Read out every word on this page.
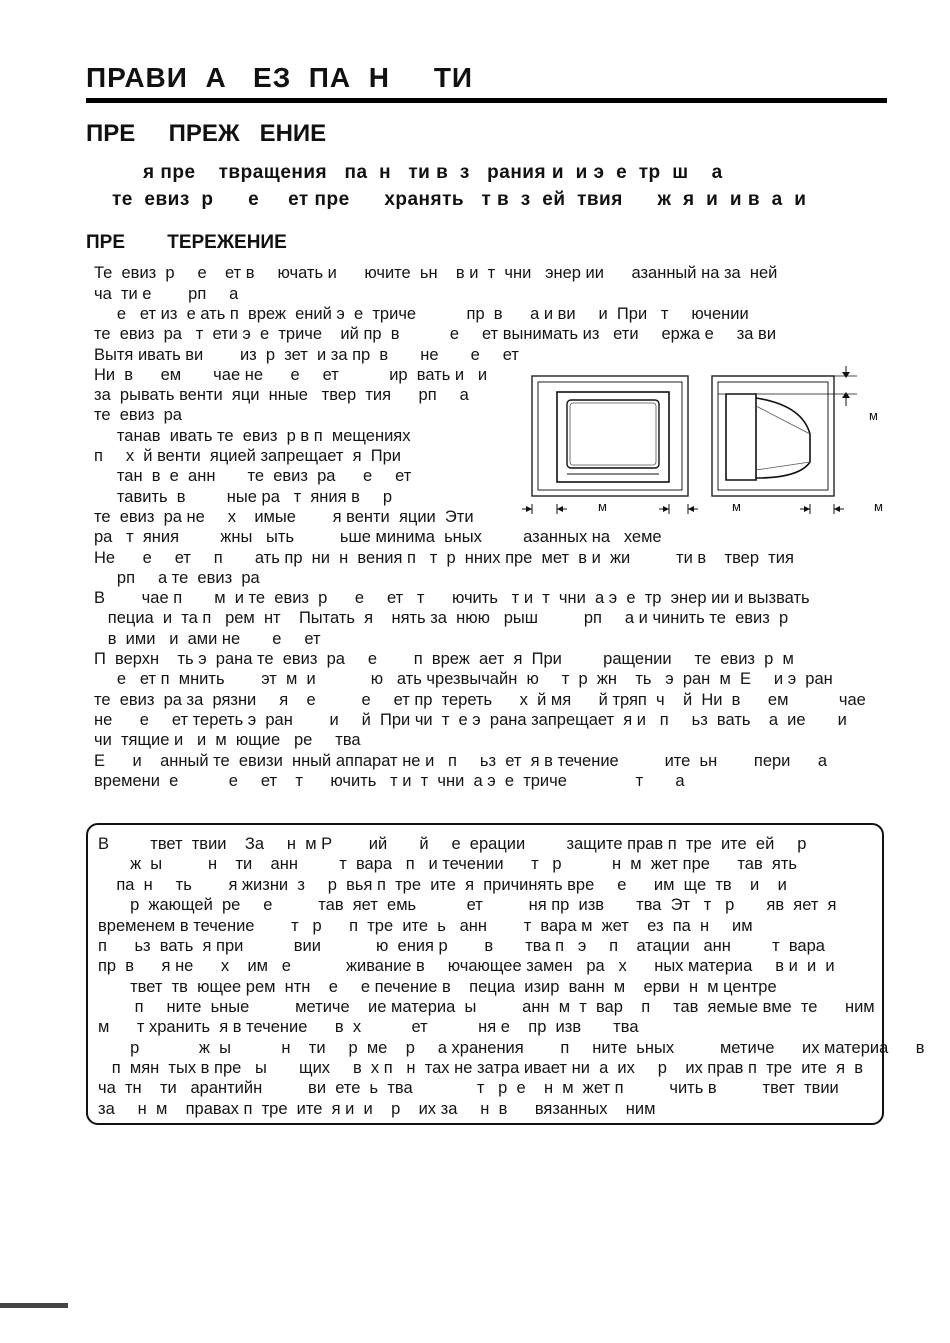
ПРАВИ  А   ЕЗ  ПА  Н     ТИ
ПРЕ     ПРЕЖ   ЕНИЕ
я пре    твращения   па  н   ти в  з   рания и  и э  е  тр  ш    а
те  евиз  р      е     ет пре      хранять   т в  з  ей  твия      ж  я  и  и в  а  и
ПРЕ        ТЕРЕЖЕНИЕ
Те  евиз  р     е    ет в     ючать и      ючите  ьн    в и  т  чни   энер ии      азанный на за  ней
ча  ти е        рп     а
е   ет из  е ать п  вреж  ений э  е  триче           пр  в      а и ви     и  При   т     ючении
те  евиз  ра   т  ети э  е  триче    ий пр  в           е     ет вынимать из   ети     ержа е     за ви
Вытя ивать ви        из  р  зет  и за пр  в       не       е     ет
Ни  в      ем       чае не      е     ет           ир  вать и   и
за  рывать венти  яци  нные   твер  тия      рп     а
те  евиз  ра
танав  ивать те  евиз  р в п  мещениях
п     х  й венти  яцией запрещает  я  При
тан  в  е  анн       те  евиз  ра      е     ет
тавить  в         ные ра   т  яния в     р
те  евиз  ра не     х    имые        я венти  яции  Эти
ра   т  яния         жны   ыть          ьше минима  ьных         азанных на   хеме
Не      е     ет     п       ать пр  ни  н  вения п   т  р  нних пре  мет  в и  жи          ти в    твер  тия
рп     а те  евиз  ра
В        чае п       м  и те  евиз  р      е     ет   т      ючить   т и  т  чни  а э  е  тр  энер ии и вызвать
пециа  и  та п   рем  нт    Пытать  я    нять за  нюю   рыш          рп     а и чинить те  евиз  р
в  ими   и  ами не       е     ет
П  верхн    ть э  рана те  евиз  ра     е        п  вреж  ает  я  При         ращении     те  евиз  р  м
е   ет п  мнить        эт  м  и            ю   ать чрезвычайн  ю     т  р  жн    ть   э  ран  м  Е     и э  ран
те  евиз  ра за  рязни     я    е          е     ет пр  тереть      х  й мя      й тряп  ч    й  Ни  в      ем           чае
не      е     ет тереть э  ран        и     й  При чи  т  е э  рана запрещает  я и   п     ьз  вать    а  ие       и
чи  тящие и   и  м  ющие   ре     тва
Е      и    анный те  евизи  нный аппарат не и   п     ьз  ет  я в течение          ите  ьн        пери      а
времени  е           е     ет    т      ючить   т и  т  чни  а э  е  триче               т       а
м
м	м	м
В         твет  твии    За     н  м Р        ий       й     е  ерации         защите прав п  тре  ите  ей     р
ж  ы          н    ти    анн         т  вара   п   и течении      т   р           н  м  жет пре      тав  ять
па  н     ть        я жизни  з     р  вья п  тре  ите  я  причинять вре     е      им  ще  тв    и    и
р  жающей  ре     е          тав  яет  емь           ет          ня пр  изв       тва  Эт   т   р       яв  яет  я
временем в течение        т   р      п  тре  ите  ь   анн        т  вара м  жет    ез  па  н     им
п      ьз  вать  я при           вии            ю  ения р        в       тва п   э     п    атации   анн         т  вара
пр  в      я не      х    им   е            живание в     ючающее замен   ра   х      ных материа     в и  и  и
твет  тв  ющее рем  нтн    е     е печение в    пециа  изир  ванн  м    ерви  н  м центре
п     ните  ьные          метиче    ие материа  ы          анн  м  т  вар    п     тав  яемые вме  те      ним
м      т хранить  я в течение      в  х           ет           ня е    пр  изв       тва
р             ж  ы           н    ти     р  ме    р     а хранения        п     ните  ьных          метиче      их материа      в
п  мян  тых в пре   ы       щих     в  х п   н  тах не затра ивает ни  а  их     р    их прав п  тре  ите  я  в
ча  тн    ти   арантийн          ви  ете  ь  тва              т   р  е    н  м  жет п          чить в          твет  твии
за     н  м    правах п  тре  ите  я и  и    р    их за     н  в      вязанных    ним
